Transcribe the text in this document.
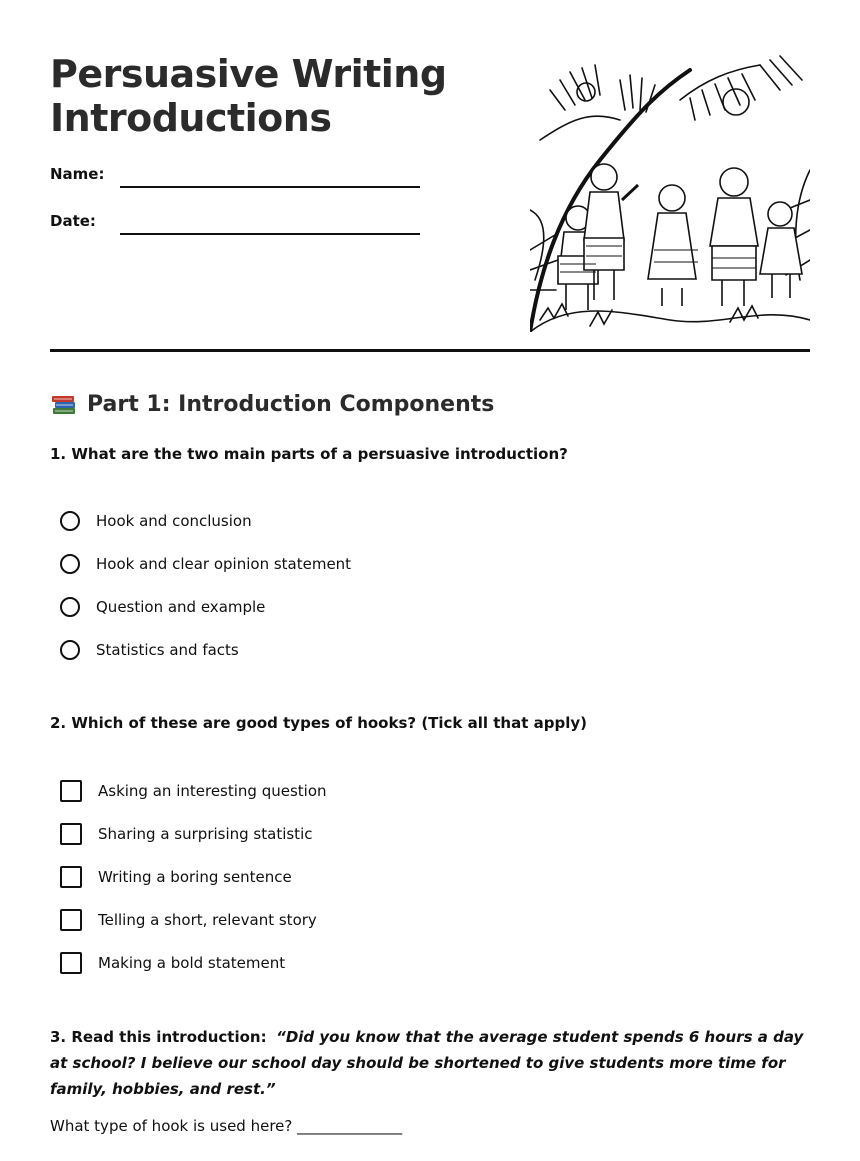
Persuasive Writing
Introductions
Name:
Date:
Part 1: Introduction Components

1. What are the two main parts of a persuasive introduction?

Hook and conclusion
Hook and clear opinion statement
Question and example
Statistics and facts

2. Which of these are good types of hooks? (Tick all that apply)

Asking an interesting question
Sharing a surprising statistic
Writing a boring sentence
Telling a short, relevant story
Making a bold statement

3. Read this introduction: “Did you know that the average student spends 6 hours a day at school? I believe our school day should be shortened to give students more time for family, hobbies, and rest.”

What type of hook is used here? ______________
